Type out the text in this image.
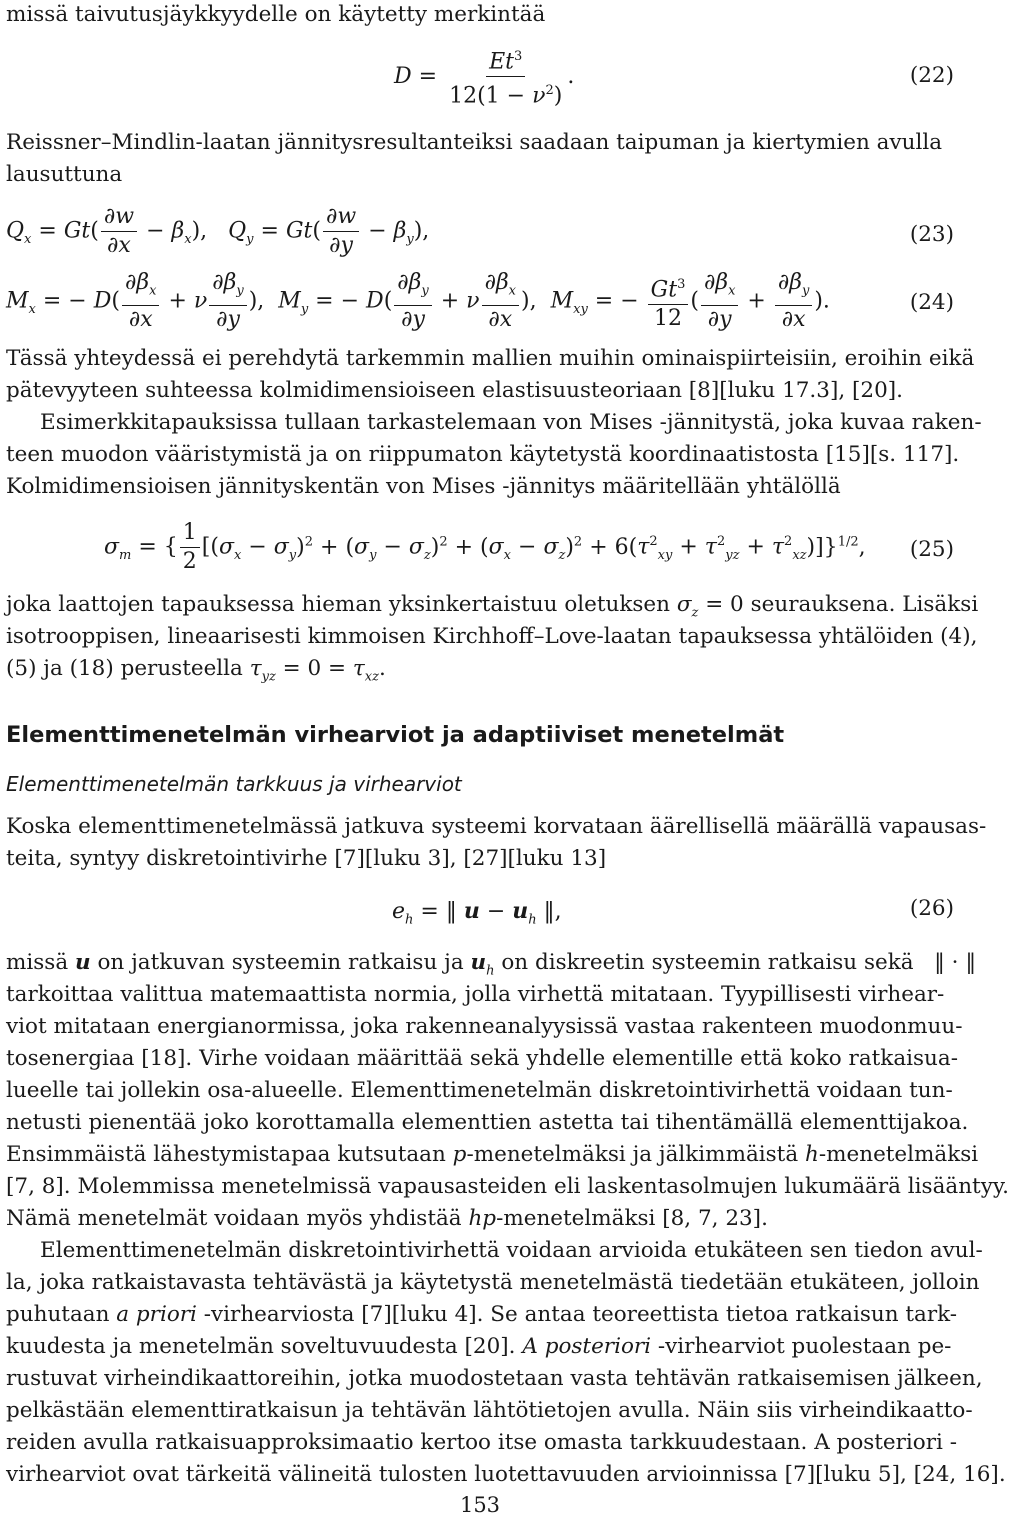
missä taivutusjäykkyydelle on käytetty merkintää
$D = \frac{Et^3}{12(1 - \nu^2)}$ .	(22)
Reissner–Mindlin-laatan jännitysresultanteiksi saadaan taipuman ja kiertymien avulla
lausuttuna
$Q_x = Gt( \frac{\partial w}{\partial x} - \beta_x)$,   $Q_y = Gt( \frac{\partial w}{\partial y} - \beta_y)$,	(23)
$M_x$ = − $D( \frac{\partial\beta_x}{\partial x} + \nu \frac{\partial\beta_y}{\partial y}$ ),  $M_y$ = − $D( \frac{\partial\beta_y}{\partial y} + \nu \frac{\partial\beta_x}{\partial x}$ ),  $M_{xy}$ = − $\frac{Gt^3}{12}$ ( $\frac{\partial\beta_x}{\partial y} + \frac{\partial\beta_y}{\partial x}$ ).	(24)
Tässä yhteydessä ei perehdytä tarkemmin mallien muihin ominaispiirteisiin, eroihin eikä
pätevyyteen suhteessa kolmidimensioiseen elastisuusteoriaan [8][luku 17.3], [20].
Esimerkkitapauksissa tullaan tarkastelemaan von Mises -jännitystä, joka kuvaa raken-
teen muodon vääristymistä ja on riippumaton käytetystä koordinaatistosta [15][s. 117].
Kolmidimensioisen jännityskentän von Mises -jännitys määritellään yhtälöllä
$\sigma_m$ = { $\frac{1}{2} [(\sigma_x - \sigma_y)^2 + (\sigma_y - \sigma_z)^2 + (\sigma_x - \sigma_z)^2 + 6(\tau^2_{xy} + \tau^2_{yz} + \tau^2_{xz})]\}^{1/2}$, (25)
joka laattojen tapauksessa hieman yksinkertaistuu oletuksen $\sigma_z = 0$ seurauksena. Lisäksi
isotrooppisen, lineaarisesti kimmoisen Kirchhoff–Love-laatan tapauksessa yhtälöiden (4),
(5) ja (18) perusteella $\tau_{yz} = 0 = \tau_{xz}$.
Elementtimenetelmän virhearviot ja adaptiiviset menetelmät
Elementtimenetelmän tarkkuus ja virhearviot
Koska elementtimenetelmässä jatkuva systeemi korvataan äärellisellä määrällä vapausas-
teita, syntyy diskretointivirhe [7][luku 3], [27][luku 13]
$e_h$ = ‖ $u - u_h$ ‖,	(26)
missä u on jatkuvan systeemin ratkaisu ja $u_h$ on diskreetin systeemin ratkaisu sekä   ‖ · ‖
tarkoittaa valittua matemaattista normia, jolla virhettä mitataan. Tyypillisesti virhear-
viot mitataan energianormissa, joka rakenneanalyysissä vastaa rakenteen muodonmuu-
tosenergiaa [18]. Virhe voidaan määrittää sekä yhdelle elementille että koko ratkaisua-
lueelle tai jollekin osa-alueelle. Elementtimenetelmän diskretointivirhettä voidaan tun-
netusti pienentää joko korottamalla elementtien astetta tai tihentämällä elementtijakoa.
Ensimmäistä lähestymistapaa kutsutaan p-menetelmäksi ja jälkimmäistä h-menetelmäksi
[7, 8]. Molemmissa menetelmissä vapausasteiden eli laskentasolmujen lukumäärä lisääntyy.
Nämä menetelmät voidaan myös yhdistää hp-menetelmäksi [8, 7, 23].
Elementtimenetelmän diskretointivirhettä voidaan arvioida etukäteen sen tiedon avul-
la, joka ratkaistavasta tehtävästä ja käytetystä menetelmästä tiedetään etukäteen, jolloin
puhutaan a priori -virhearviosta [7][luku 4]. Se antaa teoreettista tietoa ratkaisun tark-
kuudesta ja menetelmän soveltuvuudesta [20]. A posteriori -virhearviot puolestaan pe-
rustuvat virheindikaattoreihin, jotka muodostetaan vasta tehtävän ratkaisemisen jälkeen,
pelkästään elementtiratkaisun ja tehtävän lähtötietojen avulla. Näin siis virheindikaatto-
reiden avulla ratkaisuapproksimaatio kertoo itse omasta tarkkuudestaan. A posteriori -
virhearviot ovat tärkeitä välineitä tulosten luotettavuuden arvioinnissa [7][luku 5], [24, 16].
153
